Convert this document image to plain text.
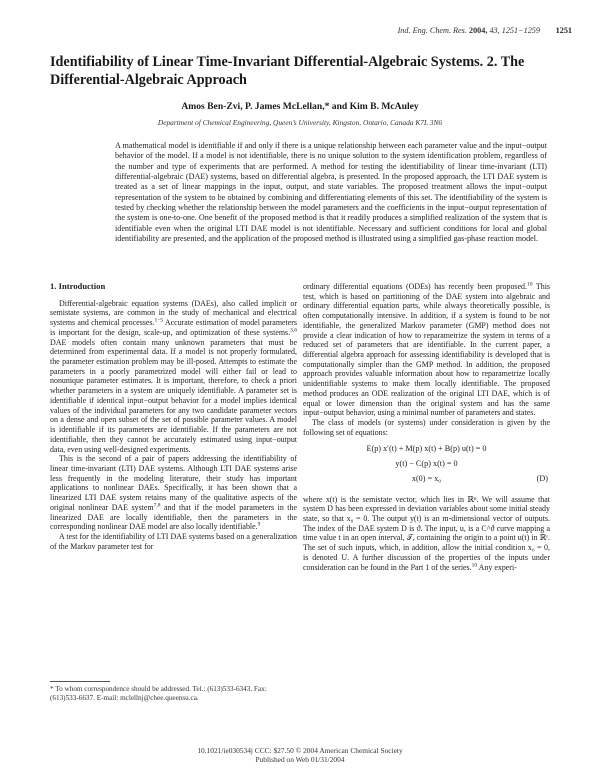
Ind. Eng. Chem. Res. 2004, 43, 1251−1259 1251
Identifiability of Linear Time-Invariant Differential-Algebraic Systems. 2. The Differential-Algebraic Approach
Amos Ben-Zvi, P. James McLellan,* and Kim B. McAuley
Department of Chemical Engineering, Queen’s University, Kingston, Ontario, Canada K7L 3N6
A mathematical model is identifiable if and only if there is a unique relationship between each parameter value and the input−output behavior of the model. If a model is not identifiable, there is no unique solution to the system identification problem, regardless of the number and type of experiments that are performed. A method for testing the identifiability of linear time-invariant (LTI) differential-algebraic (DAE) systems, based on differential algebra, is presented. In the proposed approach, the LTI DAE system is treated as a set of linear mappings in the input, output, and state variables. The proposed treatment allows the input−output representation of the system to be obtained by combining and differentiating elements of this set. The identifiability of the system is tested by checking whether the relationship between the model parameters and the coefficients in the input−output representation of the system is one-to-one. One benefit of the proposed method is that it readily produces a simplified realization of the system that is identifiable even when the original LTI DAE model is not identifiable. Necessary and sufficient conditions for local and global identifiability are presented, and the application of the proposed method is illustrated using a simplified gas-phase reaction model.

1. Introduction

Differential-algebraic equation systems (DAEs), also called implicit or semistate systems, are common in the study of mechanical and electrical systems and chemical processes.$^{1-5}$ Accurate estimation of model parameters is important for the design, scale-up, and optimization of these systems.$^{3,6}$ DAE models often contain many unknown parameters that must be determined from experimental data. If a model is not properly formulated, the parameter estimation problem may be ill-posed. Attempts to estimate the parameters in a poorly parametrized model will either fail or lead to nonunique parameter estimates. It is important, therefore, to check a priori whether parameters in a system are uniquely identifiable. A parameter set is identifiable if identical input−output behavior for a model implies identical values of the individual parameters for any two candidate parameter vectors on a dense and open subset of the set of possible parameter values. A model is identifiable if its parameters are identifiable. If the parameters are not identifiable, then they cannot be accurately estimated using input−output data, even using well-designed experiments.

This is the second of a pair of papers addressing the identifiability of linear time-invariant (LTI) DAE systems. Although LTI DAE systems arise less frequently in the modeling literature, their study has important applications to nonlinear DAEs. Specifically, it has been shown that a linearized LTI DAE system retains many of the qualitative aspects of the original nonlinear DAE system$^{7,8}$ and that if the model parameters in the linearized DAE are locally identifiable, then the parameters in the corresponding nonlinear DAE model are also locally identifiable.$^9$

A test for the identifiability of LTI DAE systems based on a generalization of the Markov parameter test for

* To whom correspondence should be addressed. Tel.: (613)533-6343. Fax: (613)533-6637. E-mail: mclellnj@chee.queensu.ca.

ordinary differential equations (ODEs) has recently been proposed.$^{10}$ This test, which is based on partitioning of the DAE system into algebraic and ordinary differential equation parts, while always theoretically possible, is often computationally intensive. In addition, if a system is found to be not identifiable, the generalized Markov parameter (GMP) method does not provide a clear indication of how to reparametrize the system in terms of a reduced set of parameters that are identifiable. In the current paper, a differential algebra approach for assessing identifiability is developed that is computationally simpler than the GMP method. In addition, the proposed approach provides valuable information about how to reparametrize locally unidentifiable systems to make them locally identifiable. The proposed method produces an ODE realization of the original LTI DAE, which is of equal or lower dimension than the original system and has the same input−output behavior, using a minimal number of parameters and states.

The class of models (or systems) under consideration is given by the following set of equations:

E(p) x′(t) + M(p) x(t) + B(p) u(t) = 0
y(t) − C(p) x(t) = 0
x(0) = x₀	(D)

where x(t) is the semistate vector, which lies in ℝⁿ. We will assume that system D has been expressed in deviation variables about some initial steady state, so that x₀ = 0. The output y(t) is an m-dimensional vector of outputs. The index of the DAE system D is ϑ. The input, u, is a C^ϑ curve mapping a time value t in an open interval, 𝒯, containing the origin to a point u(t) in ℝʳ. The set of such inputs, which, in addition, allow the initial condition x₀ = 0, is denoted U. A further discussion of the properties of the inputs under consideration can be found in the Part 1 of the series.$^{10}$ Any experi-

10.1021/ie030534j CCC: $27.50 © 2004 American Chemical Society
Published on Web 01/31/2004
